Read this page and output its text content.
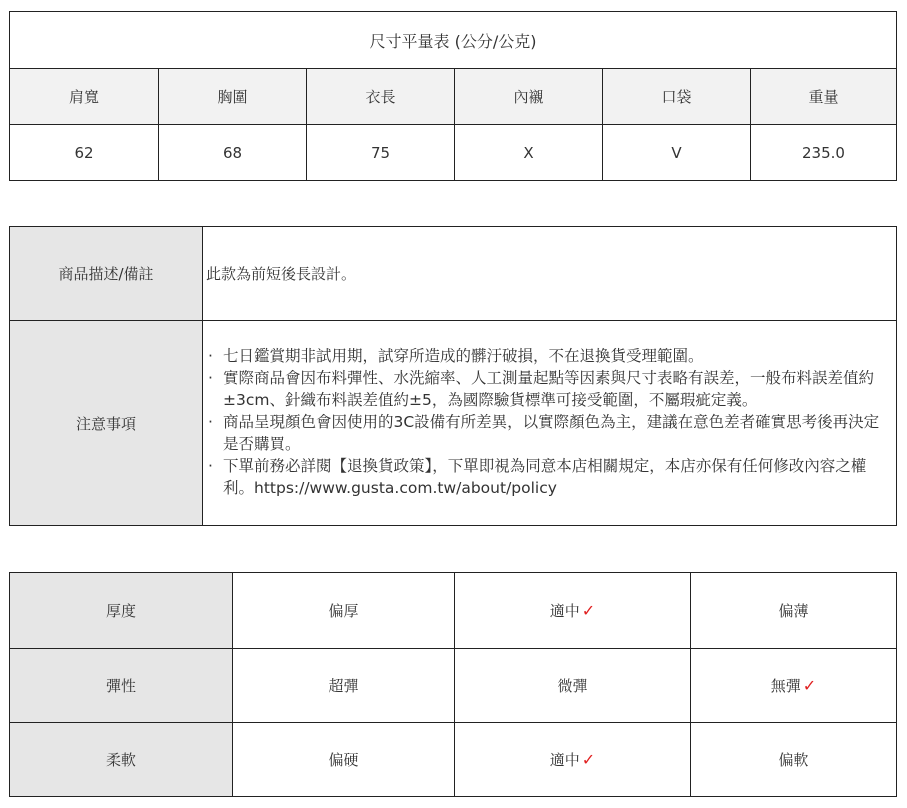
尺寸平量表 (公分/公克)
肩寬	胸圍	衣長	內襯	口袋	重量
62	68	75	X	V	235.0
商品描述/備註	此款為前短後長設計。
注意事項
· 七日鑑賞期非試用期，試穿所造成的髒汙破損，不在退換貨受理範圍。
· 實際商品會因布料彈性、水洗縮率、人工測量起點等因素與尺寸表略有誤差，一般布料誤差值約±3cm、針織布料誤差值約±5，為國際驗貨標準可接受範圍，不屬瑕疵定義。
· 商品呈現顏色會因使用的3C設備有所差異，以實際顏色為主，建議在意色差者確實思考後再決定是否購買。
· 下單前務必詳閱【退換貨政策】，下單即視為同意本店相關規定，本店亦保有任何修改內容之權利。https://www.gusta.com.tw/about/policy
厚度	偏厚	適中 ✓	偏薄
彈性	超彈	微彈	無彈 ✓
柔軟	偏硬	適中 ✓	偏軟
